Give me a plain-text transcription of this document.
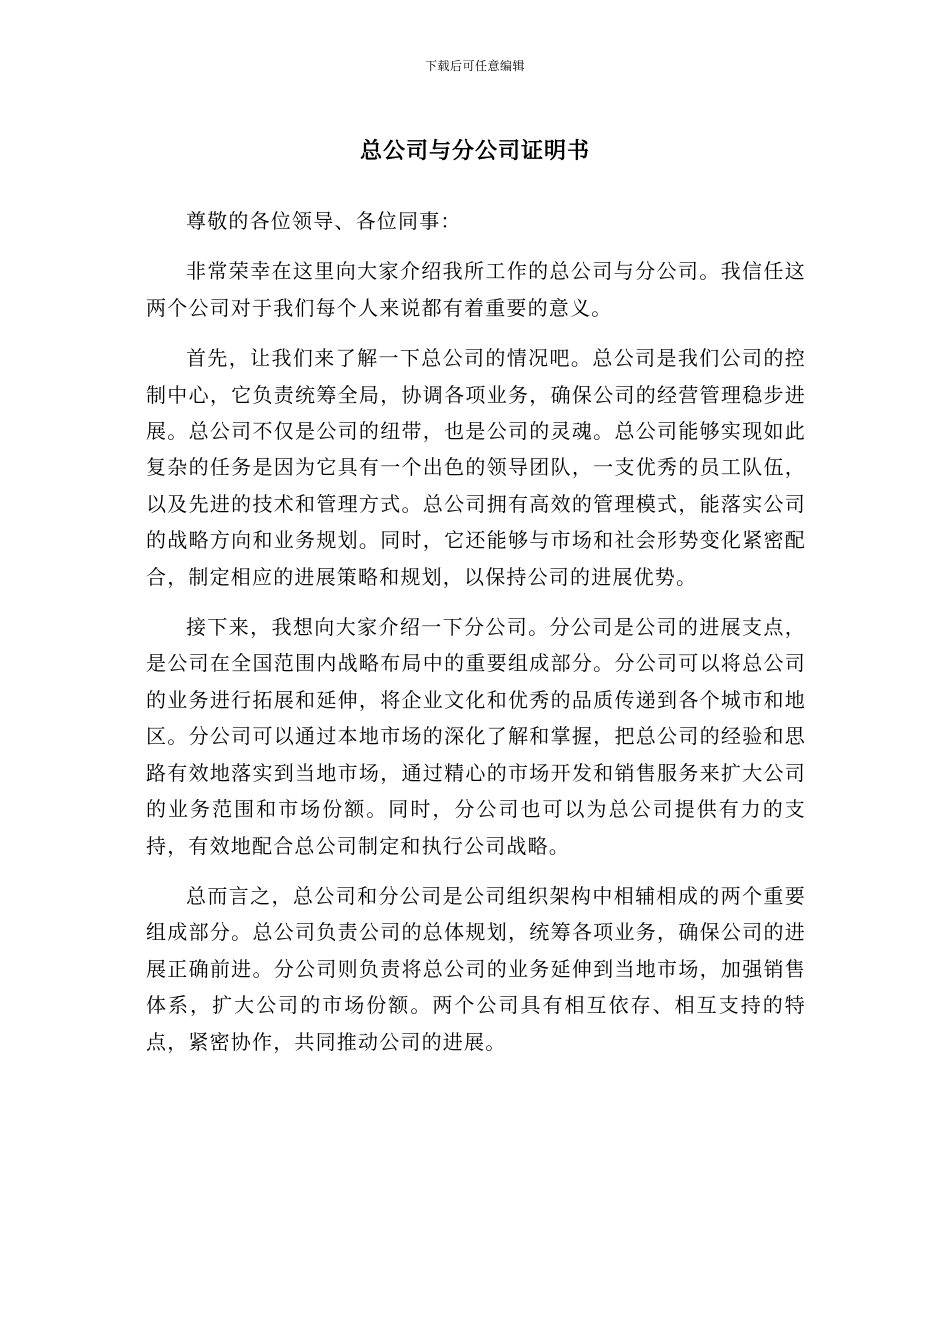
下载后可任意编辑
总公司与分公司证明书

尊敬的各位领导、各位同事：

非常荣幸在这里向大家介绍我所工作的总公司与分公司。我信任这两个公司对于我们每个人来说都有着重要的意义。

首先，让我们来了解一下总公司的情况吧。总公司是我们公司的控制中心，它负责统筹全局，协调各项业务，确保公司的经营管理稳步进展。总公司不仅是公司的纽带，也是公司的灵魂。总公司能够实现如此复杂的任务是因为它具有一个出色的领导团队，一支优秀的员工队伍，以及先进的技术和管理方式。总公司拥有高效的管理模式，能落实公司的战略方向和业务规划。同时，它还能够与市场和社会形势变化紧密配合，制定相应的进展策略和规划，以保持公司的进展优势。

接下来，我想向大家介绍一下分公司。分公司是公司的进展支点，是公司在全国范围内战略布局中的重要组成部分。分公司可以将总公司的业务进行拓展和延伸，将企业文化和优秀的品质传递到各个城市和地区。分公司可以通过本地市场的深化了解和掌握，把总公司的经验和思路有效地落实到当地市场，通过精心的市场开发和销售服务来扩大公司的业务范围和市场份额。同时，分公司也可以为总公司提供有力的支持，有效地配合总公司制定和执行公司战略。

总而言之，总公司和分公司是公司组织架构中相辅相成的两个重要组成部分。总公司负责公司的总体规划，统筹各项业务，确保公司的进展正确前进。分公司则负责将总公司的业务延伸到当地市场，加强销售体系，扩大公司的市场份额。两个公司具有相互依存、相互支持的特点，紧密协作，共同推动公司的进展。
